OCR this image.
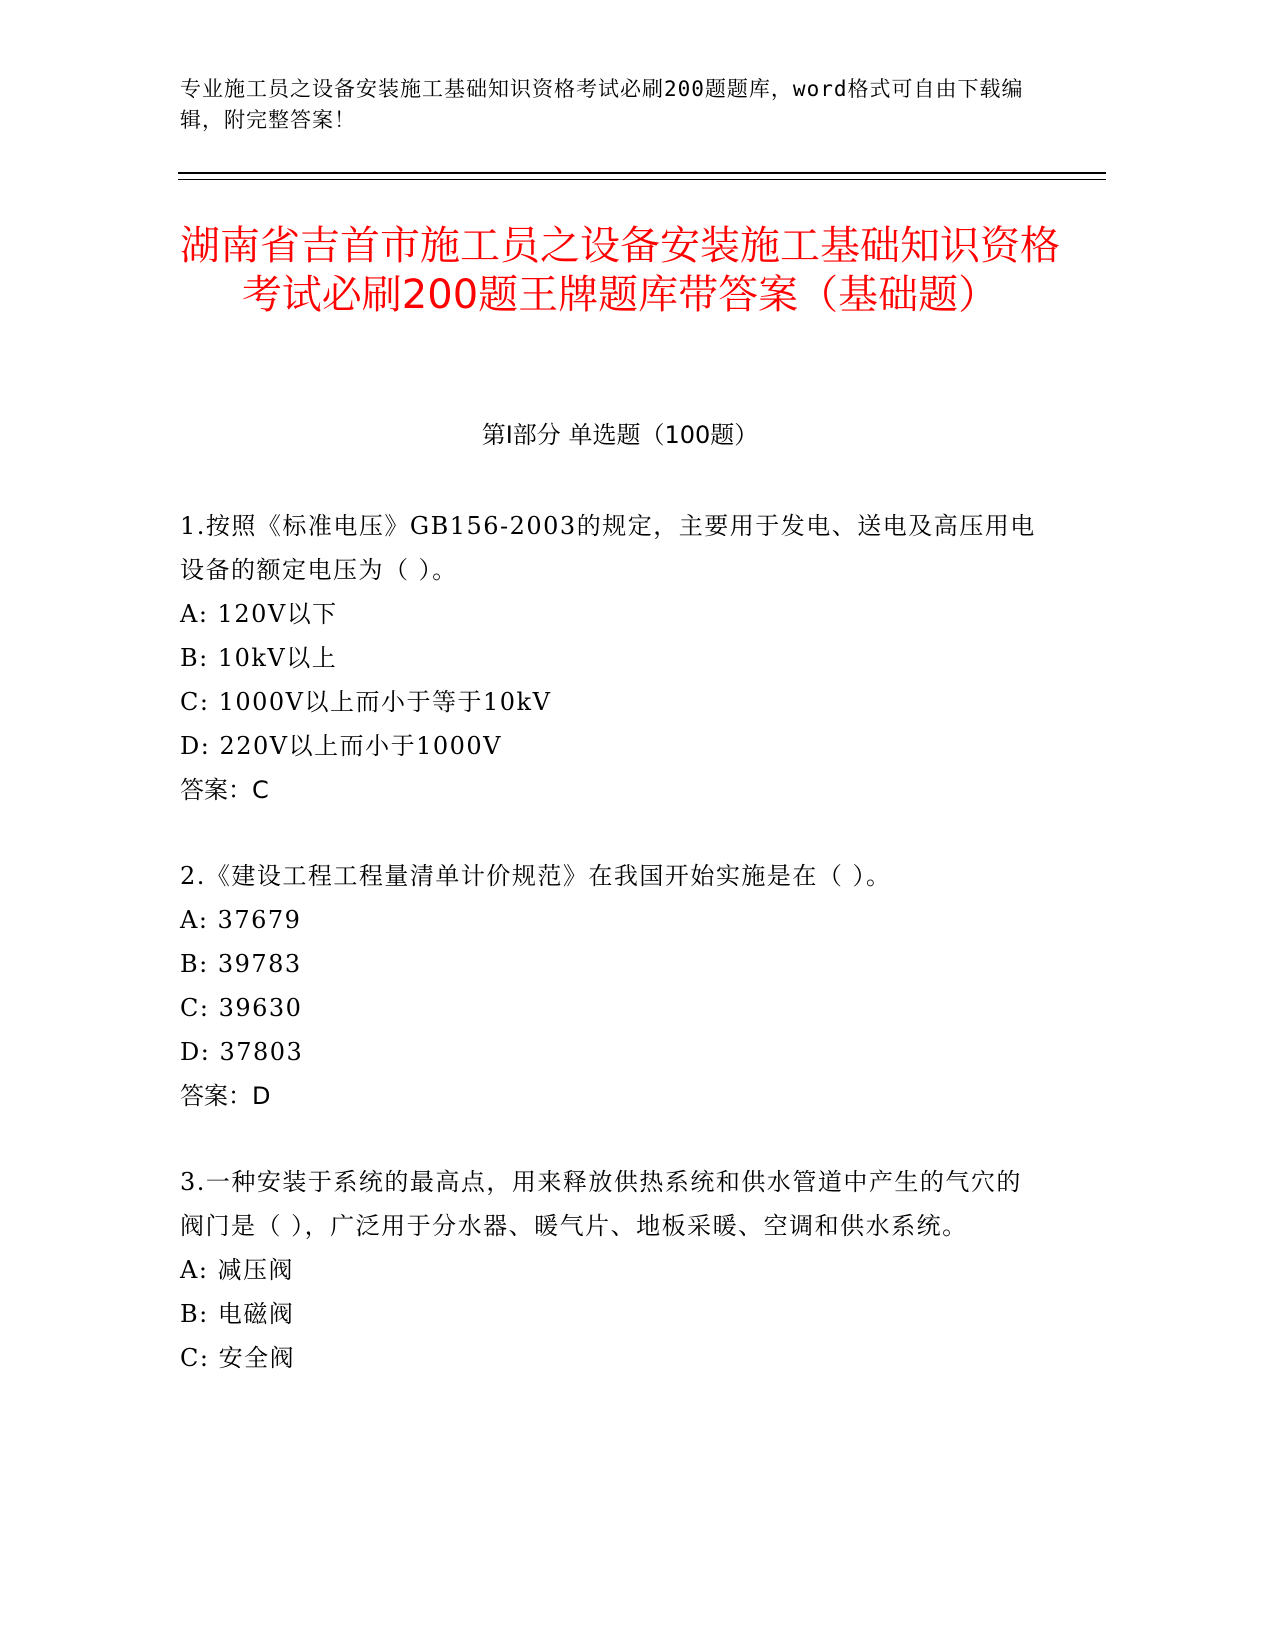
专业施工员之设备安装施工基础知识资格考试必刷200题题库，word格式可自由下载编辑，附完整答案！
湖南省吉首市施工员之设备安装施工基础知识资格考试必刷200题王牌题库带答案（基础题）
第Ⅰ部分 单选题（100题）
1.按照《标准电压》GB156-2003的规定，主要用于发电、送电及高压用电设备的额定电压为（ ）。
A: 120V以下
B: 10kV以上
C: 1000V以上而小于等于10kV
D: 220V以上而小于1000V
答案：C
2.《建设工程工程量清单计价规范》在我国开始实施是在（ ）。
A: 37679
B: 39783
C: 39630
D: 37803
答案：D
3.一种安装于系统的最高点，用来释放供热系统和供水管道中产生的气穴的阀门是（ ），广泛用于分水器、暖气片、地板采暖、空调和供水系统。
A: 减压阀
B: 电磁阀
C: 安全阀
